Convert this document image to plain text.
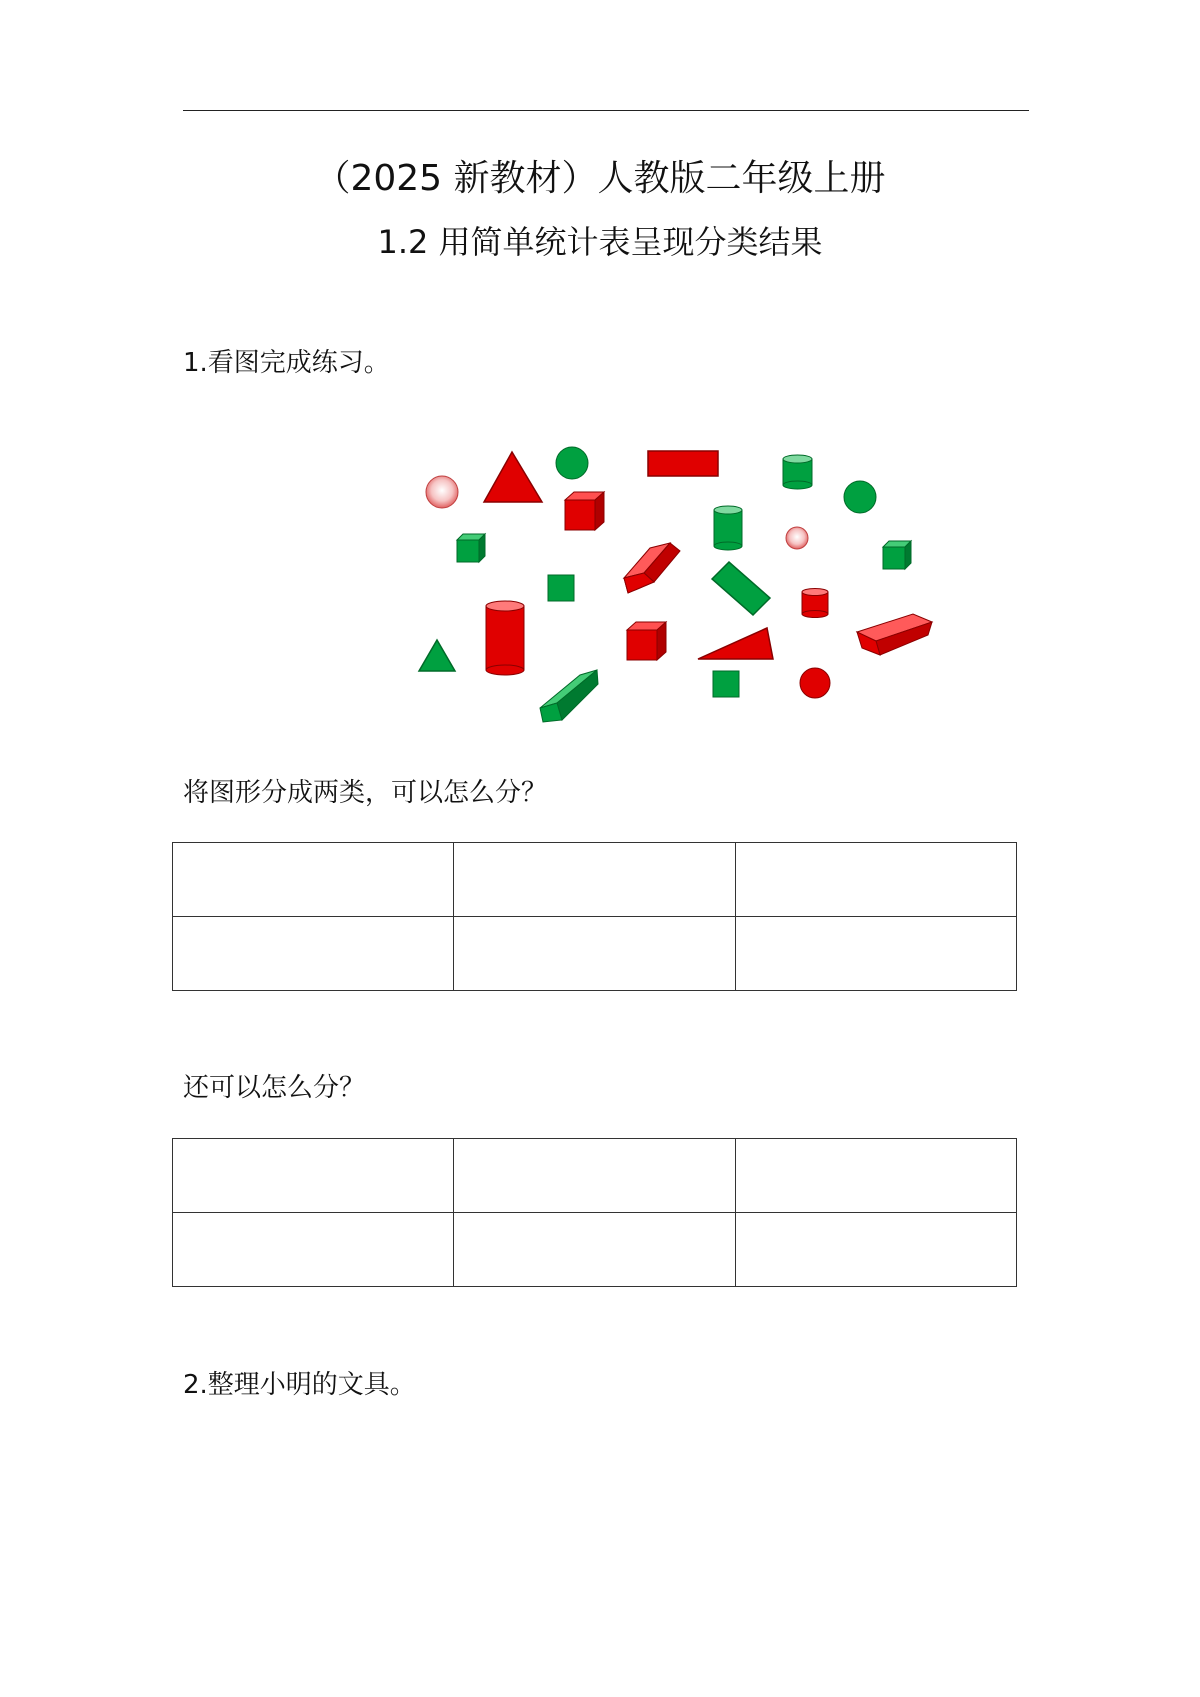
（2025 新教材）人教版二年级上册
1.2 用简单统计表呈现分类结果
1.看图完成练习。
将图形分成两类，可以怎么分？

还可以怎么分？

2.整理小明的文具。
